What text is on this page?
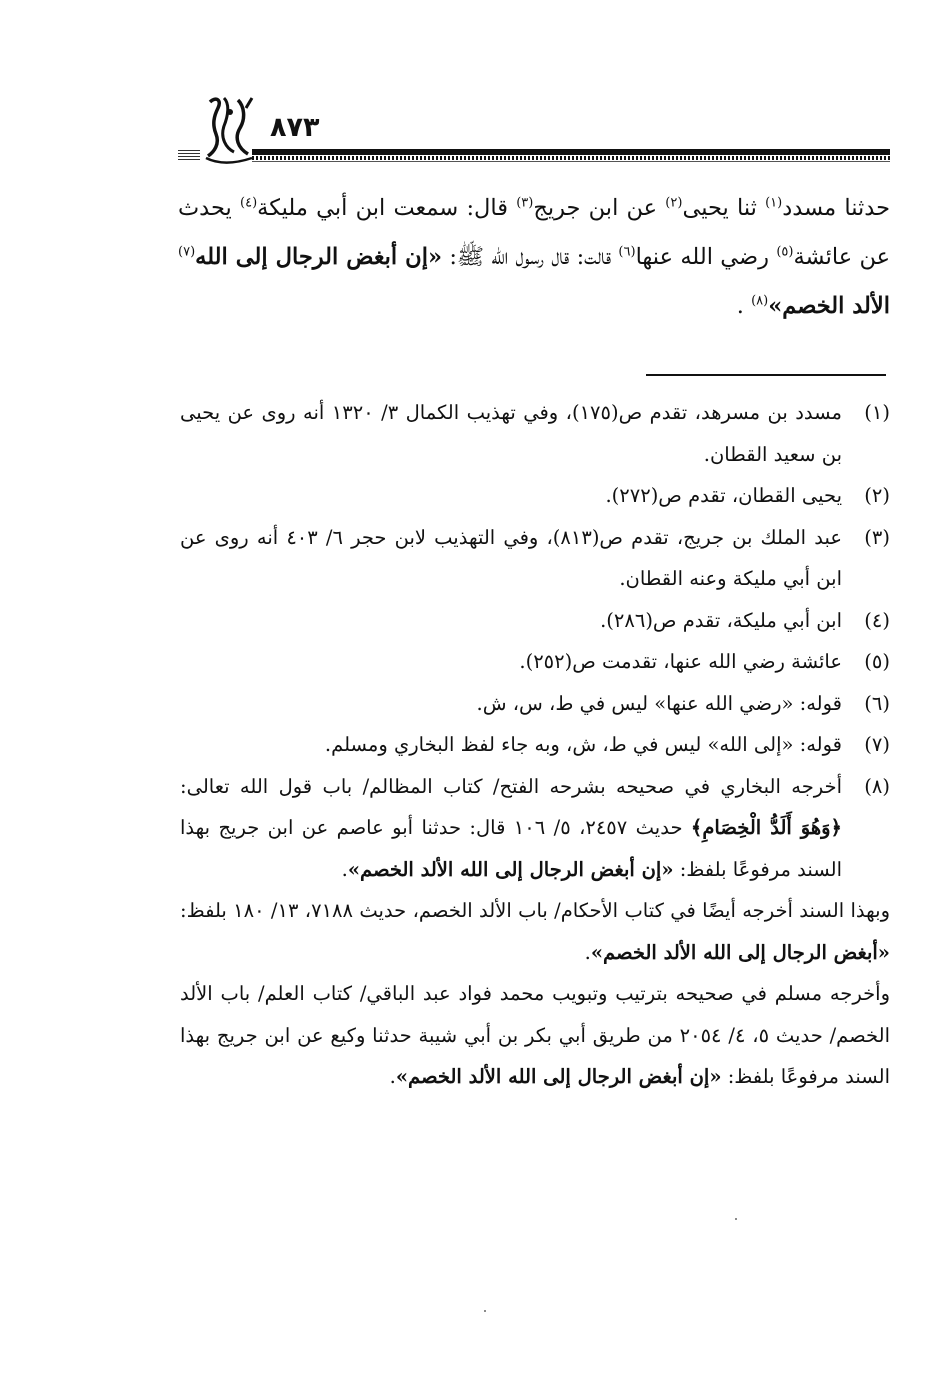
٨٧٣
حدثنا مسدد$^{(١)}$ ثنا يحيى$^{(٢)}$ عن ابن جريج$^{(٣)}$ قال: سمعت ابن أبي مليكة$^{(٤)}$ يحدث عن عائشة$^{(٥)}$ رضي الله عنها$^{(٦)}$ قالت: قال رسول الله ﷺ: «إن أبغض الرجال إلى الله$^{(٧)}$ الألد الخصم»$^{(٨)}$ .
(١)
مسدد بن مسرهد، تقدم ص(١٧٥)، وفي تهذيب الكمال ٣/ ١٣٢٠ أنه روى عن يحيى بن سعيد القطان.
(٢)
يحيى القطان، تقدم ص(٢٧٢).
(٣)
عبد الملك بن جريج، تقدم ص(٨١٣)، وفي التهذيب لابن حجر ٦/ ٤٠٣ أنه روى عن ابن أبي مليكة وعنه القطان.
(٤)
ابن أبي مليكة، تقدم ص(٢٨٦).
(٥)
عائشة رضي الله عنها، تقدمت ص(٢٥٢).
(٦)
قوله: «رضي الله عنها» ليس في ط، س، ش.
(٧)
قوله: «إلى الله» ليس في ط، ش، وبه جاء لفظ البخاري ومسلم.
(٨)
أخرجه البخاري في صحيحه بشرحه الفتح/ كتاب المظالم/ باب قول الله تعالى: ﴿وَهُوَ أَلَدُّ الْخِصَامِ﴾ حديث ٢٤٥٧، ٥/ ١٠٦ قال: حدثنا أبو عاصم عن ابن جريج بهذا السند مرفوعًا بلفظ: «إن أبغض الرجال إلى الله الألد الخصم».
وبهذا السند أخرجه أيضًا في كتاب الأحكام/ باب الألد الخصم، حديث ٧١٨٨، ١٣/ ١٨٠ بلفظ: «أبغض الرجال إلى الله الألد الخصم».
وأخرجه مسلم في صحيحه بترتيب وتبويب محمد فواد عبد الباقي/ كتاب العلم/ باب الألد الخصم/ حديث ٥، ٤/ ٢٠٥٤ من طريق أبي بكر بن أبي شيبة حدثنا وكيع عن ابن جريج بهذا السند مرفوعًا بلفظ: «إن أبغض الرجال إلى الله الألد الخصم».
